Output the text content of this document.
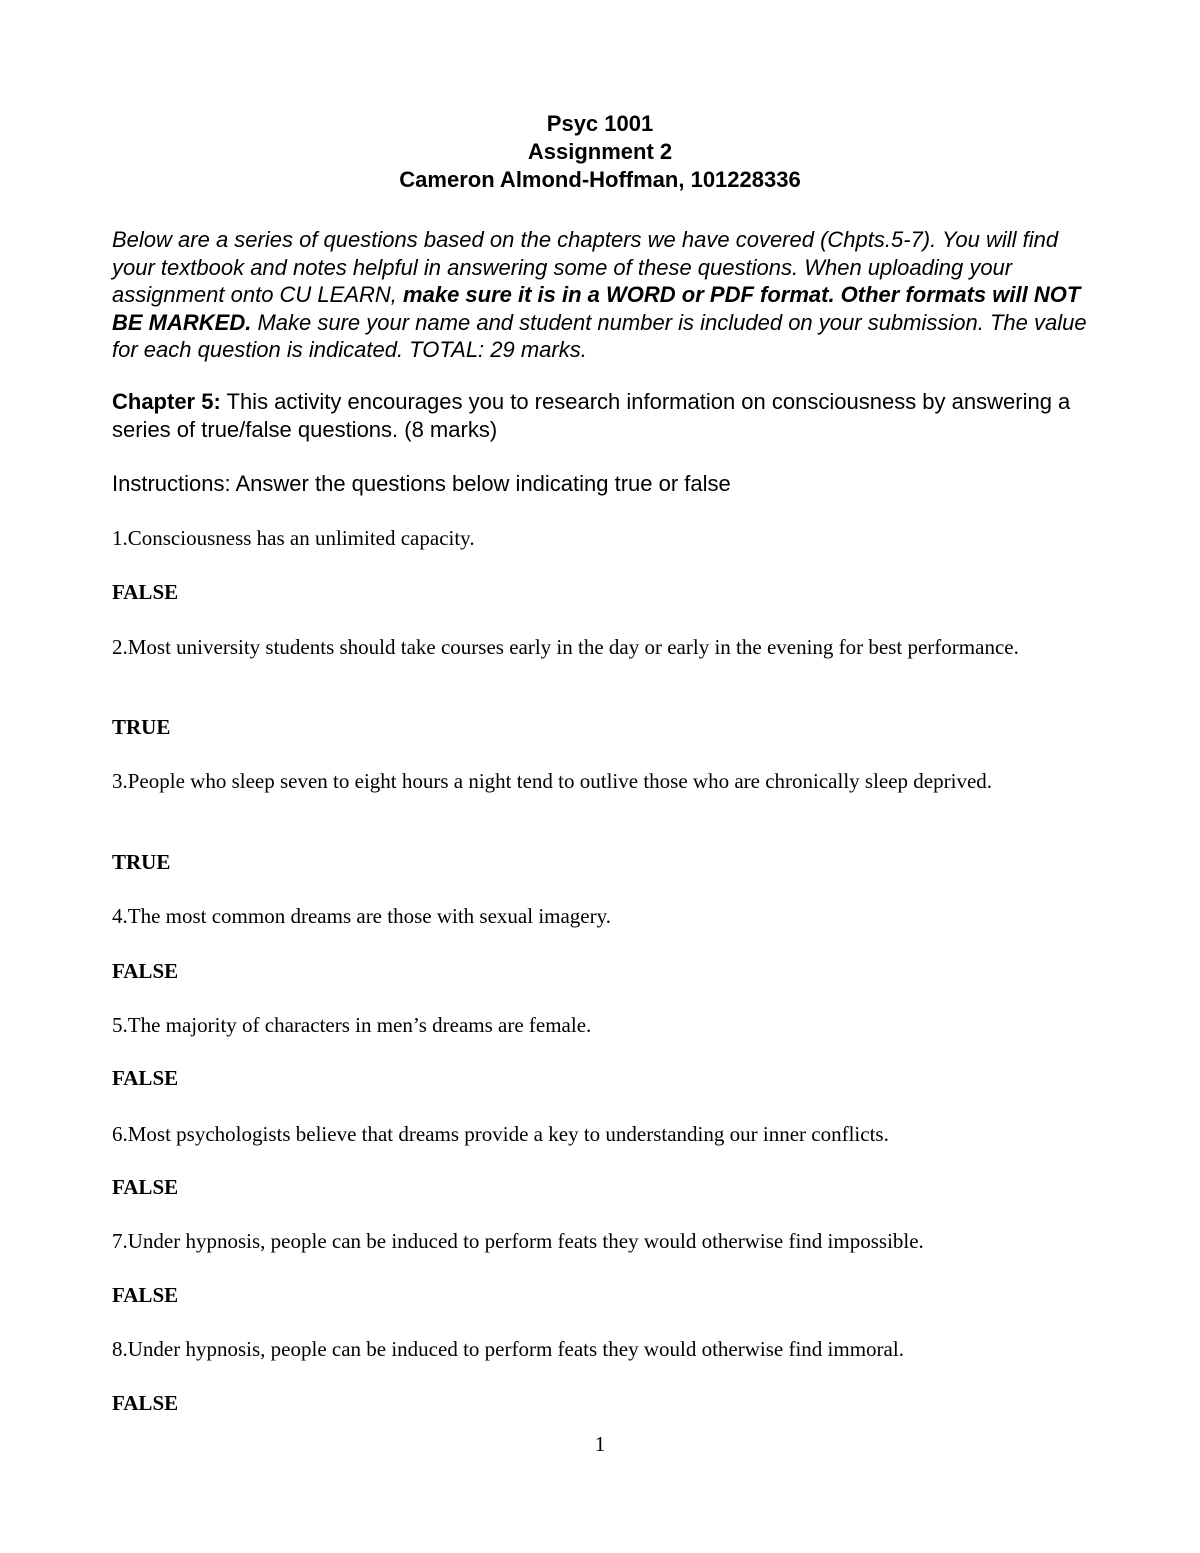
Psyc 1001
Assignment 2
Cameron Almond-Hoffman, 101228336
Below are a series of questions based on the chapters we have covered (Chpts.5-7). You will find your textbook and notes helpful in answering some of these questions. When uploading your assignment onto CU LEARN, make sure it is in a WORD or PDF format. Other formats will NOT BE MARKED. Make sure your name and student number is included on your submission. The value for each question is indicated. TOTAL: 29 marks.
Chapter 5: This activity encourages you to research information on consciousness by answering a series of true/false questions. (8 marks)
Instructions: Answer the questions below indicating true or false
1.Consciousness has an unlimited capacity.
FALSE
2.Most university students should take courses early in the day or early in the evening for best performance.
TRUE
3.People who sleep seven to eight hours a night tend to outlive those who are chronically sleep deprived.
TRUE
4.The most common dreams are those with sexual imagery.
FALSE
5.The majority of characters in men’s dreams are female.
FALSE
6.Most psychologists believe that dreams provide a key to understanding our inner conflicts.
FALSE
7.Under hypnosis, people can be induced to perform feats they would otherwise find impossible.
FALSE
8.Under hypnosis, people can be induced to perform feats they would otherwise find immoral.
FALSE
1
